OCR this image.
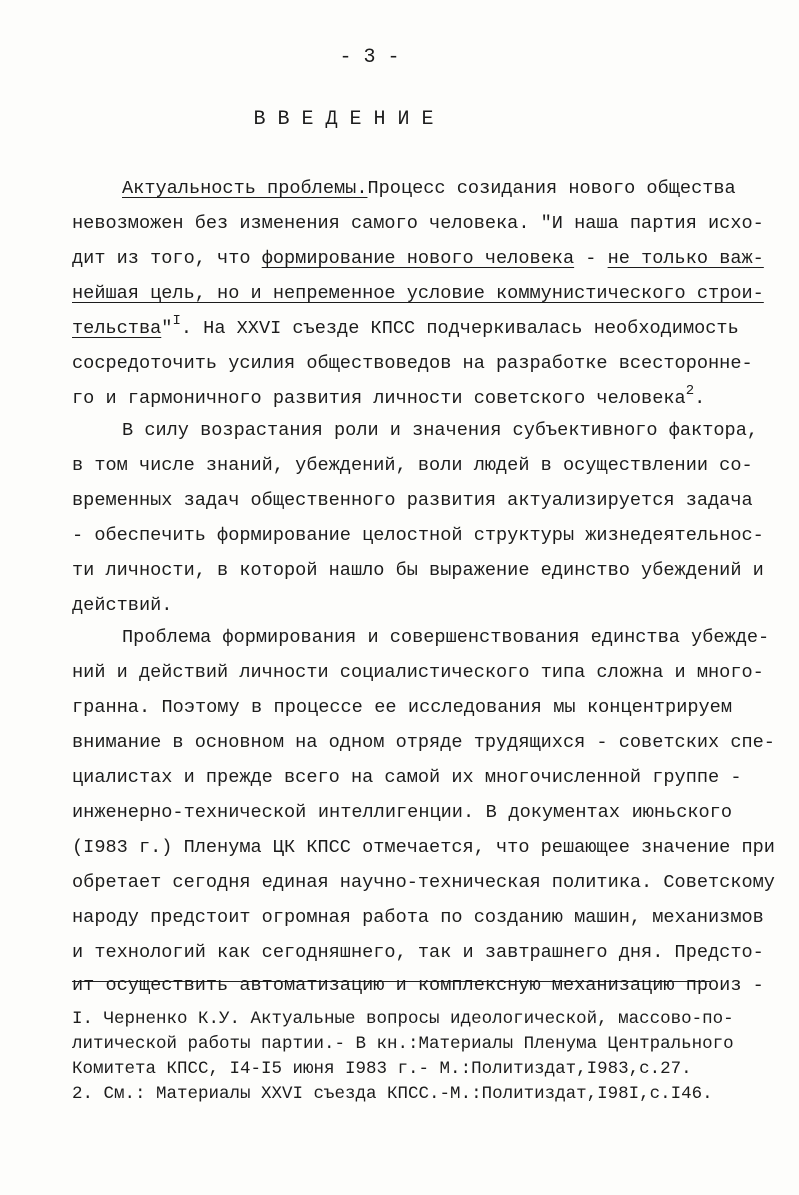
- 3 -
ВВЕДЕНИЕ
Актуальность проблемы.Процесс созидания нового общества
невозможен без изменения самого человека. "И наша партия исхо-
дит из того, что формирование нового человека - не только важ-
нейшая цель, но и непременное условие коммунистического строи-
тельства"$^I$. На ХХVI съезде КПСС подчеркивалась необходимость
сосредоточить усилия обществоведов на разработке всесторонне-
го и гармоничного развития личности советского человека$^2$.
В силу возрастания роли и значения субъективного фактора,
в том числе знаний, убеждений, воли людей в осуществлении со-
временных задач общественного развития актуализируется задача
- обеспечить формирование целостной структуры жизнедеятельнос-
ти личности, в которой нашло бы выражение единство убеждений и
действий.
Проблема формирования и совершенствования единства убежде-
ний и действий личности социалистического типа сложна и много-
гранна. Поэтому в процессе ее исследования мы концентрируем
внимание в основном на одном отряде трудящихся - советских спе-
циалистах и прежде всего на самой их многочисленной группе -
инженерно-технической интеллигенции. В документах июньского
(I983 г.) Пленума ЦК КПСС отмечается, что решающее значение при
обретает сегодня единая научно-техническая политика. Советскому
народу предстоит огромная работа по созданию машин, механизмов
и технологий как сегодняшнего, так и завтрашнего дня. Предсто-
ит осуществить автоматизацию и комплексную механизацию произ -
I. Черненко К.У. Актуальные вопросы идеологической, массово-по-
литической работы партии.- В кн.:Материалы Пленума Центрального
Комитета КПСС, I4-I5 июня I983 г.- М.:Политиздат,I983,с.27.
2. См.: Материалы ХХVI съезда КПСС.-М.:Политиздат,I98I,с.I46.
